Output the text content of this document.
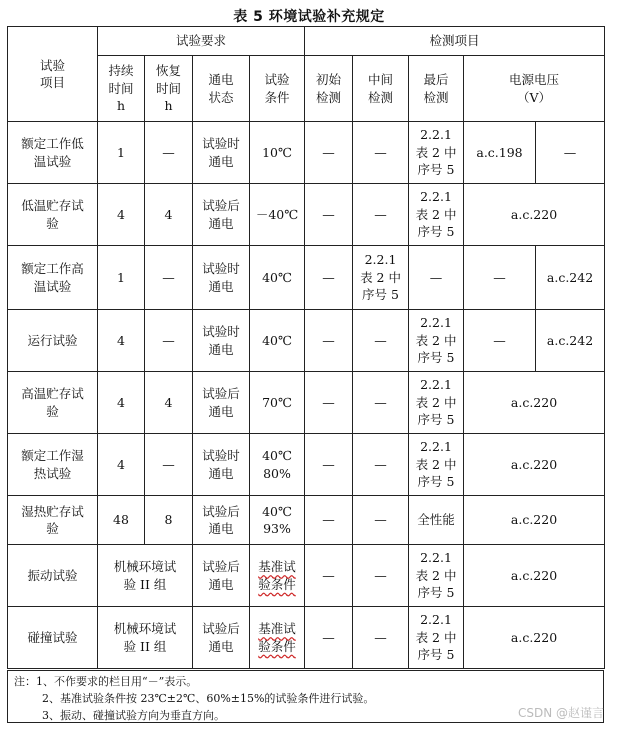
表 5 环境试验补充规定
试验
项目	试验要求				检测项目				
	持续
时间
h	恢复
时间
h	通电
状态	试验
条件	初始
检测	中间
检测	最后
检测	电源电压
（V）	
额定工作低
温试验	1	—	试验时
通电	10℃	—	—	2.2.1
表 2 中
序号 5	a.c.198	—
低温贮存试
验	4	4	试验后
通电	－40℃	—	—	2.2.1
表 2 中
序号 5	a.c.220	
额定工作高
温试验	1	—	试验时
通电	40℃	—	2.2.1
表 2 中
序号 5	—	—	a.c.242
运行试验	4	—	试验时
通电	40℃	—	—	2.2.1
表 2 中
序号 5	—	a.c.242
高温贮存试
验	4	4	试验后
通电	70℃	—	—	2.2.1
表 2 中
序号 5	a.c.220	
额定工作湿
热试验	4	—	试验时
通电	40℃
80%	—	—	2.2.1
表 2 中
序号 5	a.c.220	
湿热贮存试
验	48	8	试验后
通电	40℃
93%	—	—	全性能	a.c.220	
振动试验	机械环境试
验 II 组		试验后
通电	基准试
验条件	—	—	2.2.1
表 2 中
序号 5	a.c.220	
碰撞试验	机械环境试
验 II 组		试验后
通电	基准试
验条件	—	—	2.2.1
表 2 中
序号 5	a.c.220	
注：1、不作要求的栏目用“－”表示。
2、基准试验条件按 23℃±2℃、60%±15%的试验条件进行试验。
3、振动、碰撞试验方向为垂直方向。	CSDN @赵谨言
